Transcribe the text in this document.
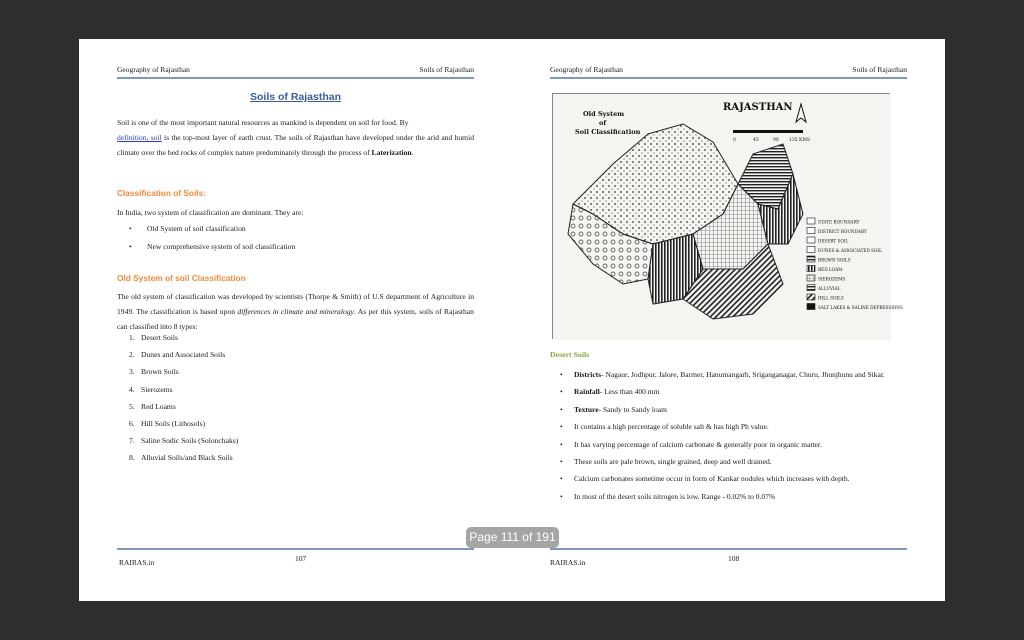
Geography of Rajasthan	Soils of Rajasthan
Soils of Rajasthan

Soil is one of the most important natural resources as mankind is dependent on soil for food. By
definition, soil is the top-most layer of earth crust. The soils of Rajasthan have developed under the arid and humid climate over the bed rocks of complex nature predominately through the process of Laterization.

Classification of Soils:

In India, two system of classification are dominant. They are:

•	Old System of soil classification
•	New comprehensive system of soil classification
Old System of soil Classification

The old system of classification was developed by scientists (Thorpe & Smith) of U.S department of Agriculture in 1949. The classification is based upon differences in climate and mineralogy. As per this system, soils of Rajasthan can classified into 8 types:

1. Desert Soils
2. Dunes and Associated Soils
3. Brown Soils
4. Sierozems
5. Red Loams
6. Hill Soils (Lithosols)
7. Saline Sodic Soils (Solonchaks)
8. Alluvial Soils/and Black Soils
RAIRAS.in	107
Geography of Rajasthan	Soils of Rajasthan
Old System
of
Soil Classification
RAJASTHAN
0	45	90 135 KMS
STATE BOUNDARY
DISTRICT BOUNDARY
DESERT SOIL
DUNES & ASSOCIATED SOIL
BROWN SOILS
RED LOAM
SIEROZEMS
ALLUVIAL
HILL SOILS
SALT LAKES & SALINE DEPRESSIONS
Desert Soils
•	Districts- Nagaur, Jodhpur, Jalore, Barmer, Hanumangarh, Sriganganagar, Churu, Jhunjhunu and Sikar.
•	Rainfall- Less than 400 mm
•	Texture- Sandy to Sandy loam
•	It contains a high percentage of soluble salt & has high Ph value.
•	It has varying percentage of calcium carbonate & generally poor in organic matter.
•	These soils are pale brown, single grained, deep and well drained.
•	Calcium carbonates sometime occur in form of Kankar nodules which increases with depth.
•	In most of the desert soils nitrogen is low. Range - 0.02% to 0.07%
RAIRAS.in	108
Page 111 of 191
